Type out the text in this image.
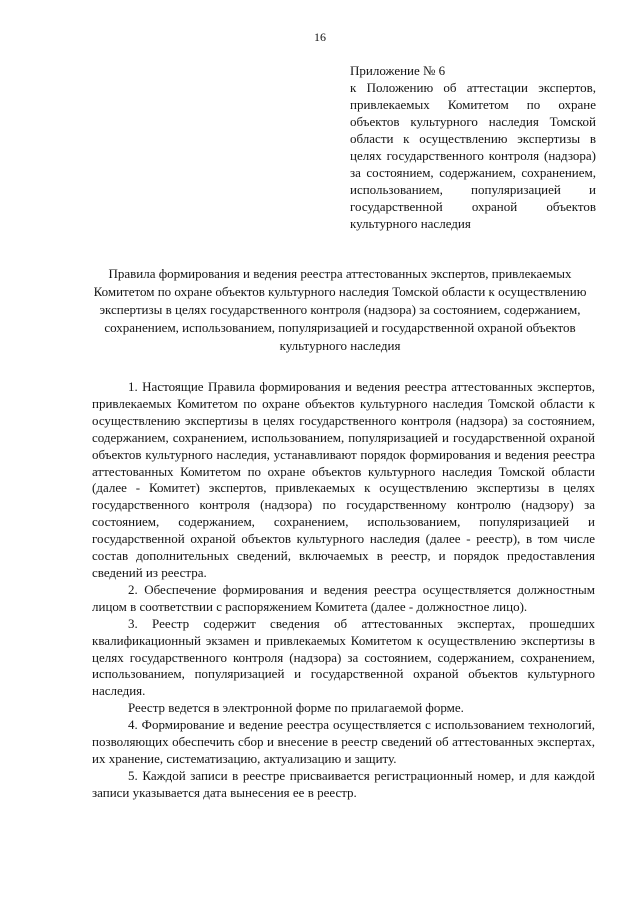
16

Приложение № 6

к Положению об аттестации экспертов, привлекаемых Комитетом по охране объектов культурного наследия Томской области к осуществлению экспертизы в целях государственного контроля (надзора) за состоянием, содержанием, сохранением, использованием, популяризацией и государственной охраной объектов культурного наследия

Правила формирования и ведения реестра аттестованных экспертов, привлекаемых Комитетом по охране объектов культурного наследия Томской области к осуществлению экспертизы в целях государственного контроля (надзора) за состоянием, содержанием, сохранением, использованием, популяризацией и государственной охраной объектов культурного наследия

1. Настоящие Правила формирования и ведения реестра аттестованных экспертов, привлекаемых Комитетом по охране объектов культурного наследия Томской области к осуществлению экспертизы в целях государственного контроля (надзора) за состоянием, содержанием, сохранением, использованием, популяризацией и государственной охраной объектов культурного наследия, устанавливают порядок формирования и ведения реестра аттестованных Комитетом по охране объектов культурного наследия Томской области (далее - Комитет) экспертов, привлекаемых к осуществлению экспертизы в целях государственного контроля (надзора) по государственному контролю (надзору) за состоянием, содержанием, сохранением, использованием, популяризацией и государственной охраной объектов культурного наследия (далее - реестр), в том числе состав дополнительных сведений, включаемых в реестр, и порядок предоставления сведений из реестра.

2. Обеспечение формирования и ведения реестра осуществляется должностным лицом в соответствии с распоряжением Комитета (далее - должностное лицо).

3. Реестр содержит сведения об аттестованных экспертах, прошедших квалификационный экзамен и привлекаемых Комитетом к осуществлению экспертизы в целях государственного контроля (надзора) за состоянием, содержанием, сохранением, использованием, популяризацией и государственной охраной объектов культурного наследия.

Реестр ведется в электронной форме по прилагаемой форме.

4. Формирование и ведение реестра осуществляется с использованием технологий, позволяющих обеспечить сбор и внесение в реестр сведений об аттестованных экспертах, их хранение, систематизацию, актуализацию и защиту.

5. Каждой записи в реестре присваивается регистрационный номер, и для каждой записи указывается дата вынесения ее в реестр.
